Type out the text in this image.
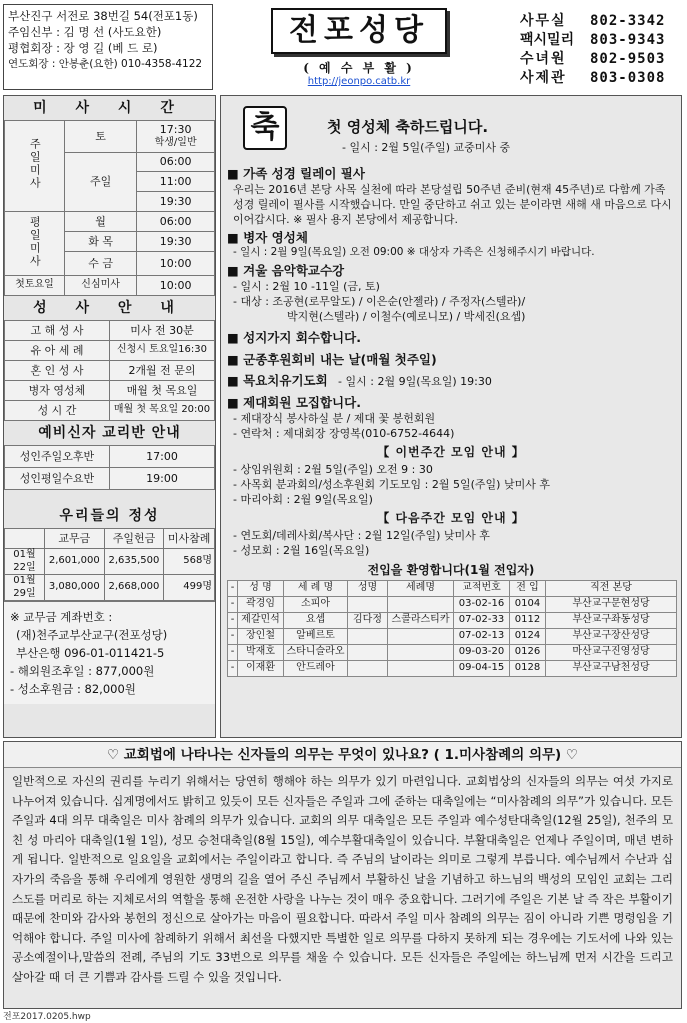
부산진구 서전로 38번길 54(전포1동)
주임신부 : 김 명 선 (사도요한)
평협회장 : 장 영 길 (베 드 로)
연도회장 : 안봉춘(요한) 010-4358-4122
전포성당
( 예 수 부 활 )
http://jeonpo.catb.kr
사무실	802-3342
팩시밀리	803-9343
수녀원	802-9503
사제관	803-0308
미 사 시 간
주일미사	토	17:30
학생/일반

	주일	06:00
		11:00
		19:30
평일미사	월	06:00
	화 목	19:30
	수 금	10:00
첫토요일	신심미사	10:00
성 사 안 내
고 해 성 사	미사 전 30분
유 아 세 례	신청시 토요일16:30
혼 인 성 사	2개월 전 문의
병자 영성체	매월 첫 목요일
성 시 간	매월 첫 목요일 20:00
예비신자 교리반 안내
성인주일오후반	17:00
성인평일수요반	19:00
우리들의 정성
	교무금	주일헌금	미사참례
01월 22일	2,601,000	2,635,500	568명
01월 29일	3,080,000	2,668,000	499명
※ 교무금 계좌번호 :
(재)천주교부산교구(전포성당)
부산은행 096-01-011421-5
- 해외원조후일 : 877,000원
- 성소후원금 : 82,000원
축	첫 영성체 축하드립니다.
- 일시 : 2월 5일(주일) 교중미사 중
■ 가족 성경 릴레이 필사
우리는 2016년 본당 사목 실천에 따라 본당설립 50주년 준비(현재 45주년)로 다함께 가족 성경 릴레이 필사를 시작했습니다. 만일 중단하고 쉬고 있는 분이라면 새해 새 마음으로 다시 이어갑시다. ※ 필사 용지 본당에서 제공합니다.
■ 병자 영성체
- 일시 : 2월 9일(목요일) 오전 09:00 ※ 대상자 가족은 신청해주시기 바랍니다.
■ 겨울 음악학교수강
- 일시 : 2월 10 -11일 (금, 토)
- 대상 : 조공현(로무알도) / 이은순(안젤라) / 주정자(스텔라)/
박지현(스텔라) / 이철수(예로니모) / 박세진(요셉)
■ 성지가지 회수합니다.
■ 군종후원회비 내는 날(매월 첫주일)
■ 목요치유기도회 - 일시 : 2월 9일(목요일) 19:30
■ 제대회원 모집합니다.
- 제대장식 봉사하실 분 / 제대 꽃 봉헌회원
- 연락처 : 제대회장 장영복(010-6752-4644)
【 이번주간 모임 안내 】
- 상임위원회 : 2월 5일(주일) 오전 9 : 30
- 사목회 분과회의/성소후원회 기도모임 : 2월 5일(주일) 낮미사 후
- 마리아회 : 2월 9일(목요일)
【 다음주간 모임 안내 】
- 연도회/데레사회/복사단 : 2월 12일(주일) 낮미사 후
- 성모회 : 2월 16일(목요일)
전입을 환영합니다(1월 전입자)
-	성 명	세 례 명	성명	세례명	교적번호	전 입	직전 본당
-	곽경임	소피아			03-02-16	0104	부산교구문현성당
-	제갈민석	요셉	김다정	스콜라스티카	07-02-33	0112	부산교구좌동성당
-	장인철	알베르토			07-02-13	0124	부산교구장산성당
-	박재호	스타니슬라오			09-03-20	0126	마산교구진영성당
-	이재환	안드레아			09-04-15	0128	부산교구남천성당
♡ 교회법에 나타나는 신자들의 의무는 무엇이 있나요? ( 1.미사참례의 의무) ♡
일반적으로 자신의 권리를 누리기 위해서는 당연히 행해야 하는 의무가 있기 마련입니다. 교회법상의 신자들의 의무는 여섯 가지로 나누어져 있습니다. 십계명에서도 밝히고 있듯이 모든 신자들은 주일과 그에 준하는 대축일에는 “미사참례의 의무”가 있습니다. 모든 주일과 4대 의무 대축일은 미사 참례의 의무가 있습니다. 교회의 의무 대축일은 모든 주일과 예수성탄대축일(12월 25일), 천주의 모친 성 마리아 대축일(1월 1일), 성모 승천대축일(8월 15일), 예수부활대축일이 있습니다. 부활대축일은 언제나 주일이며, 매년 변하게 됩니다. 일반적으로 일요일을 교회에서는 주일이라고 합니다. 즉 주님의 날이라는 의미로 그렇게 부릅니다. 예수님께서 수난과 십자가의 죽음을 통해 우리에게 영원한 생명의 길을 열어 주신 주님께서 부활하신 날을 기념하고 하느님의 백성의 모임인 교회는 그리스도를 머리로 하는 지체로서의 역할을 통해 온전한 사랑을 나누는 것이 매우 중요합니다. 그러기에 주일은 기본 날 즉 작은 부활이기 때문에 찬미와 감사와 봉헌의 정신으로 살아가는 마음이 필요합니다. 따라서 주일 미사 참례의 의무는 짐이 아니라 기쁜 명령임을 기억해야 합니다. 주일 미사에 참례하기 위해서 최선을 다했지만 특별한 일로 의무를 다하지 못하게 되는 경우에는 기도서에 나와 있는 공소예절이나,말씀의 전례, 주님의 기도 33번으로 의무를 채울 수 있습니다. 모든 신자들은 주일에는 하느님께 먼저 시간을 드리고 살아갈 때 더 큰 기쁨과 감사를 드릴 수 있을 것입니다.
전포2017.0205.hwp
